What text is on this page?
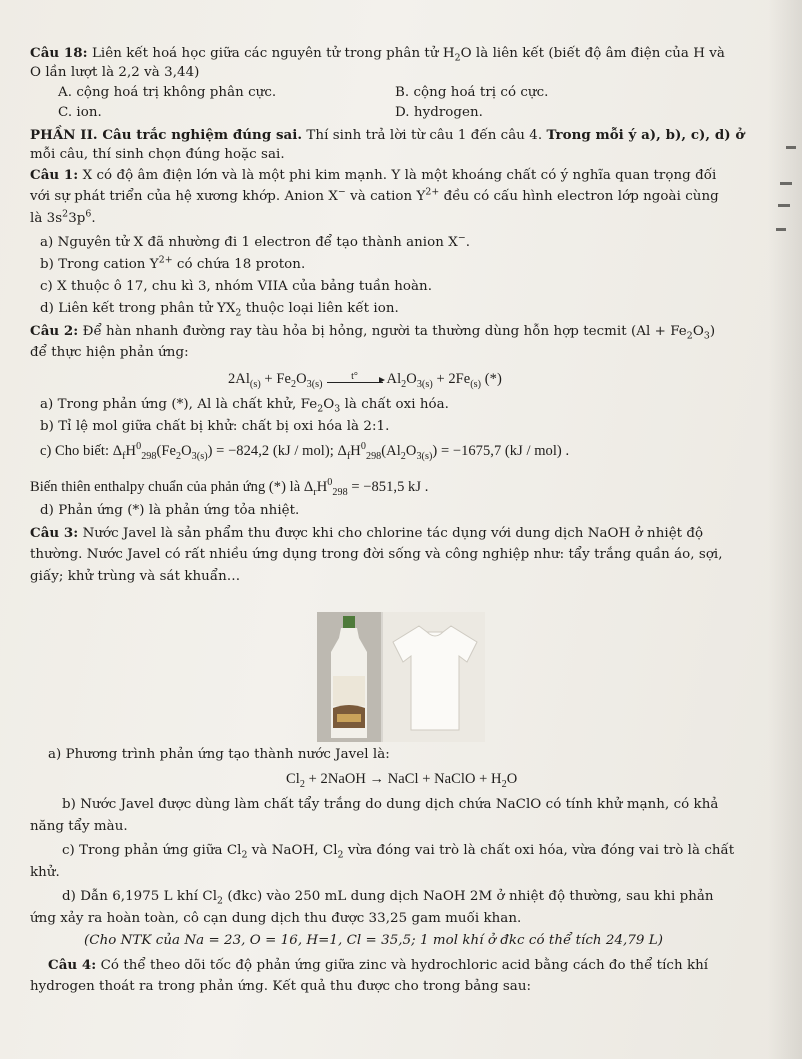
Câu 18: Liên kết hoá học giữa các nguyên tử trong phân tử $H_2O$ là liên kết (biết độ âm điện của H và
O lần lượt là 2,2 và 3,44)
A. cộng hoá trị không phân cực.	B. cộng hoá trị có cực.
C. ion.	D. hydrogen.
PHẦN II. Câu trắc nghiệm đúng sai. Thí sinh trả lời từ câu 1 đến câu 4. Trong mỗi ý a), b), c), d) ở
mỗi câu, thí sinh chọn đúng hoặc sai.
Câu 1: X có độ âm điện lớn và là một phi kim mạnh. Y là một khoáng chất có ý nghĩa quan trọng đối
với sự phát triển của hệ xương khớp. Anion X− và cation $Y^{2+}$ đều có cấu hình electron lớp ngoài cùng
là $3s^23p^6$.
a) Nguyên tử X đã nhường đi 1 electron để tạo thành anion X−.
b) Trong cation $Y^{2+}$ có chứa 18 proton.
c) X thuộc ô 17, chu kì 3, nhóm VIIA của bảng tuần hoàn.
d) Liên kết trong phân tử $YX_2$ thuộc loại liên kết ion.
Câu 2: Để hàn nhanh đường ray tàu hỏa bị hỏng, người ta thường dùng hỗn hợp tecmit $(Al + Fe_2O_3)$
để thực hiện phản ứng:
$2Al_{(s)} + Fe_2O_{3(s)}t^\circ$ $Al_2O_{3(s)} + 2Fe_{(s)}$ (*)
a) Trong phản ứng (*), Al là chất khử, $Fe_2O_3$ là chất oxi hóa.
b) Tỉ lệ mol giữa chất bị khử: chất bị oxi hóa là 2:1.
c) Cho biết: $\Delta_fH^0_{298}(Fe_2O_{3(s)}) = -824,2$ (kJ / mol); $\Delta_fH^0_{298}(Al_2O_{3(s)}) = -1675,7$ (kJ / mol) .
Biến thiên enthalpy chuẩn của phản ứng (*) là $\Delta_rH^0_{298} = -851,5$ kJ .
d) Phản ứng (*) là phản ứng tỏa nhiệt.
Câu 3: Nước Javel là sản phẩm thu được khi cho chlorine tác dụng với dung dịch NaOH ở nhiệt độ
thường. Nước Javel có rất nhiều ứng dụng trong đời sống và công nghiệp như: tẩy trắng quần áo, sợi,
giấy; khử trùng và sát khuẩn…
a) Phương trình phản ứng tạo thành nước Javel là:
$Cl_2$ + 2NaOH → NaCl + NaClO + $H_2O$
b) Nước Javel được dùng làm chất tẩy trắng do dung dịch chứa NaClO có tính khử mạnh, có khả
năng tẩy màu.
c) Trong phản ứng giữa $Cl_2$ và NaOH, $Cl_2$ vừa đóng vai trò là chất oxi hóa, vừa đóng vai trò là chất
khử.
d) Dẫn 6,1975 L khí $Cl_2$ (đkc) vào 250 mL dung dịch NaOH 2M ở nhiệt độ thường, sau khi phản
ứng xảy ra hoàn toàn, cô cạn dung dịch thu được 33,25 gam muối khan.
(Cho NTK của Na = 23, O = 16, H=1, Cl = 35,5; 1 mol khí ở đkc có thể tích 24,79 L)
Câu 4: Có thể theo dõi tốc độ phản ứng giữa zinc và hydrochloric acid bằng cách đo thể tích khí
hydrogen thoát ra trong phản ứng. Kết quả thu được cho trong bảng sau:
